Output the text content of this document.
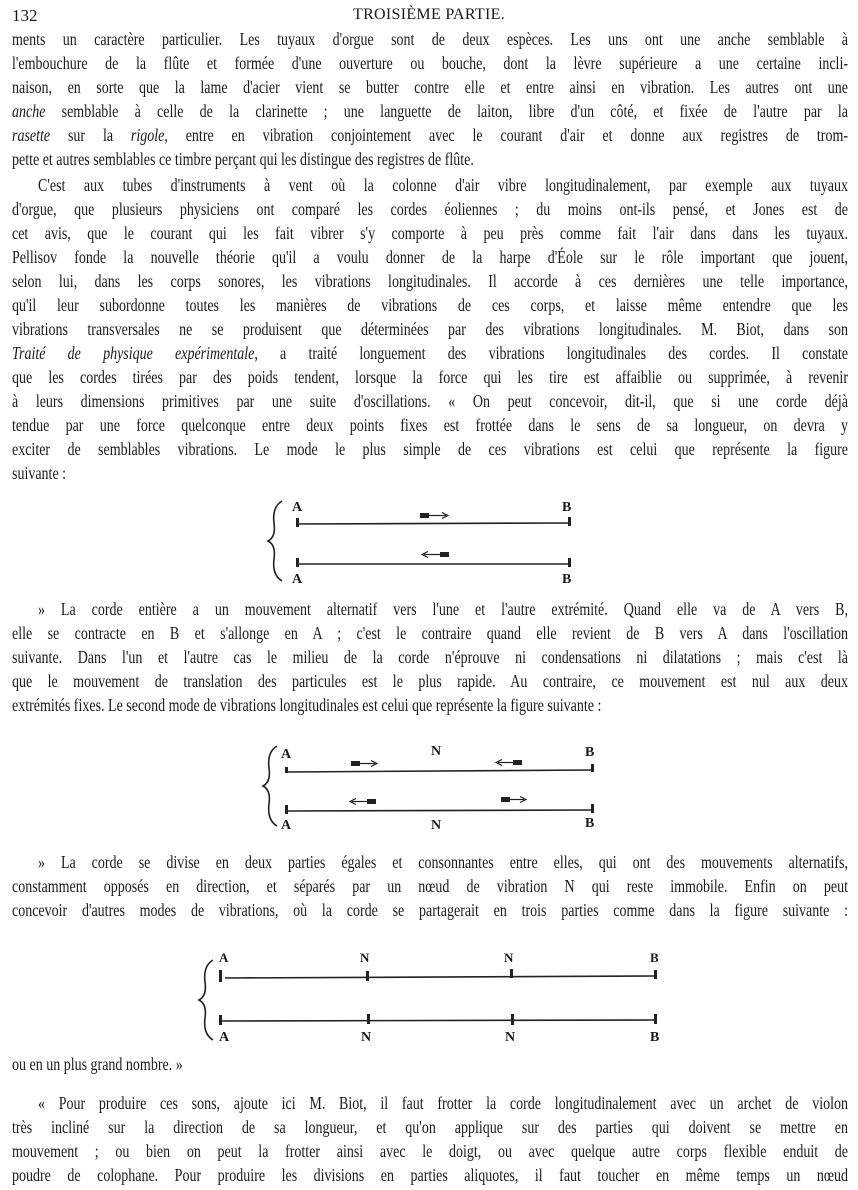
132	TROISIÈME PARTIE.
ments un caractère particulier. Les tuyaux d'orgue sont de deux espèces. Les uns ont une anche semblable à
l'embouchure de la flûte et formée d'une ouverture ou bouche, dont la lèvre supérieure a une certaine incli-
naison, en sorte que la lame d'acier vient se butter contre elle et entre ainsi en vibration. Les autres ont une
anche semblable à celle de la clarinette ; une languette de laiton, libre d'un côté, et fixée de l'autre par la
rasette sur la rigole, entre en vibration conjointement avec le courant d'air et donne aux registres de trom-
pette et autres semblables ce timbre perçant qui les distingue des registres de flûte.
C'est aux tubes d'instruments à vent où la colonne d'air vibre longitudinalement, par exemple aux tuyaux
d'orgue, que plusieurs physiciens ont comparé les cordes éoliennes ; du moins ont-ils pensé, et Jones est de
cet avis, que le courant qui les fait vibrer s'y comporte à peu près comme fait l'air dans dans les tuyaux.
Pellisov fonde la nouvelle théorie qu'il a voulu donner de la harpe d'Éole sur le rôle important que jouent,
selon lui, dans les corps sonores, les vibrations longitudinales. Il accorde à ces dernières une telle importance,
qu'il leur subordonne toutes les manières de vibrations de ces corps, et laisse même entendre que les
vibrations transversales ne se produisent que déterminées par des vibrations longitudinales. M. Biot, dans son
Traité de physique expérimentale, a traité longuement des vibrations longitudinales des cordes. Il constate
que les cordes tirées par des poids tendent, lorsque la force qui les tire est affaiblie ou supprimée, à revenir
à leurs dimensions primitives par une suite d'oscillations. « On peut concevoir, dit-il, que si une corde déjà
tendue par une force quelconque entre deux points fixes est frottée dans le sens de sa longueur, on devra y
exciter de semblables vibrations. Le mode le plus simple de ces vibrations est celui que représente la figure
suivante :
A	B
A	B
» La corde entière a un mouvement alternatif vers l'une et l'autre extrémité. Quand elle va de A vers B,
elle se contracte en B et s'allonge en A ; c'est le contraire quand elle revient de B vers A dans l'oscillation
suivante. Dans l'un et l'autre cas le milieu de la corde n'éprouve ni condensations ni dilatations ; mais c'est là
que le mouvement de translation des particules est le plus rapide. Au contraire, ce mouvement est nul aux deux
extrémités fixes. Le second mode de vibrations longitudinales est celui que représente la figure suivante :
A	N	B
A	N	B
» La corde se divise en deux parties égales et consonnantes entre elles, qui ont des mouvements alternatifs,
constamment opposés en direction, et séparés par un nœud de vibration N qui reste immobile. Enfin on peut
concevoir d'autres modes de vibrations, où la corde se partagerait en trois parties comme dans la figure suivante :
A	N	N	B
A	N	N	B
ou en un plus grand nombre. »
« Pour produire ces sons, ajoute ici M. Biot, il faut frotter la corde longitudinalement avec un archet de violon
très incliné sur la direction de sa longueur, et qu'on applique sur des parties qui doivent se mettre en
mouvement ; ou bien on peut la frotter ainsi avec le doigt, ou avec quelque autre corps flexible enduit de
poudre de colophane. Pour produire les divisions en parties aliquotes, il faut toucher en même temps un nœud
